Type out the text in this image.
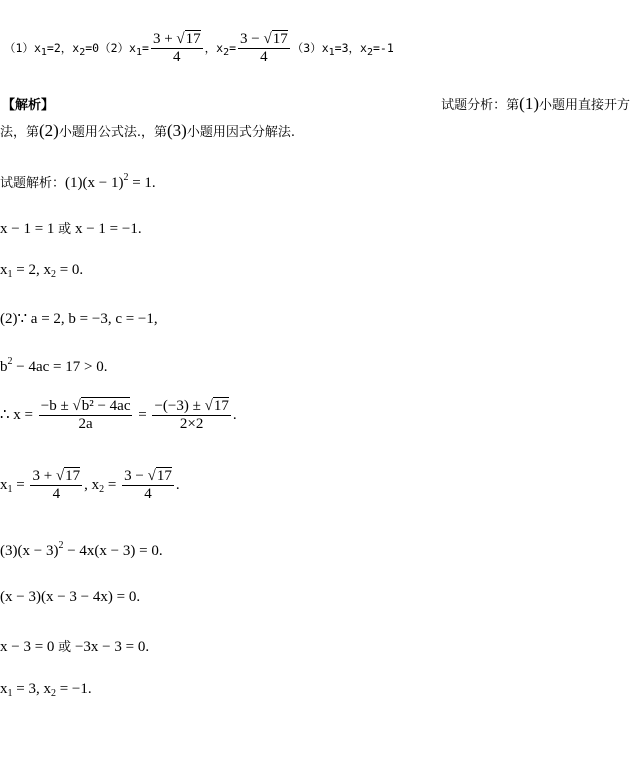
（1）x1=2，$x2=0(2)x1= \frac{3 + √17}{4}$ ，$x2= \frac{3 - √17}{4} (3)x1=3$，x2=-1
【解析】	试题分析：第(1)小题用直接开方
法，第(2)小题用公式法.，第(3)小题用因式分解法.
试题解析：$(1)(x - 1)^2 = 1$.
x − 1 = 1 或 x − 1 = −1.
$x_1 = 2$, $x_2 = 0$.
(2)∵ a = 2, b = −3, c = −1,
$b^2 - 4ac = 17 > 0$.
∴ $x = \frac{\text{−b ± √b² − 4ac}}{2a} = \frac{-(-3) \pm √17}{2\times 2}$ .
$x_1 = \frac{3 + √17}{4}$ , $x_2 = \frac{3 - √17}{4}$ .
$(3)(x - 3)^2 - 4x(x - 3) = 0$.
(x − 3)(x − 3 − 4x) = 0.
x − 3 = 0 或 −3x − 3 = 0.
$x_1 = 3$, $x_2 = -1$.
